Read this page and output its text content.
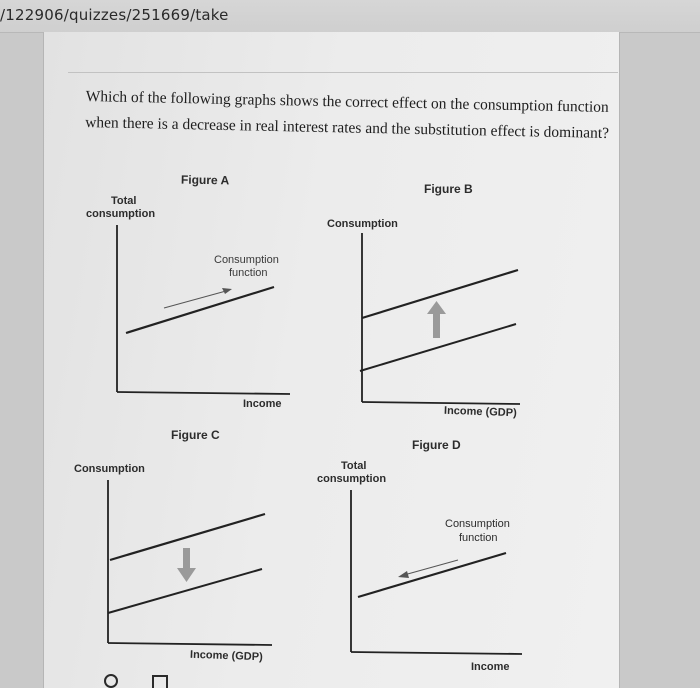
/122906/quizzes/251669/take
Which of the following graphs shows the correct effect on the consumption function when there is a decrease in real interest rates and the substitution effect is dominant?
Figure A
Total
consumption
Consumption
function
Income
Figure B
Consumption
Income (GDP)
Figure C
Consumption
Income (GDP)
Figure D
Total
consumption
Consumption
function
Income
